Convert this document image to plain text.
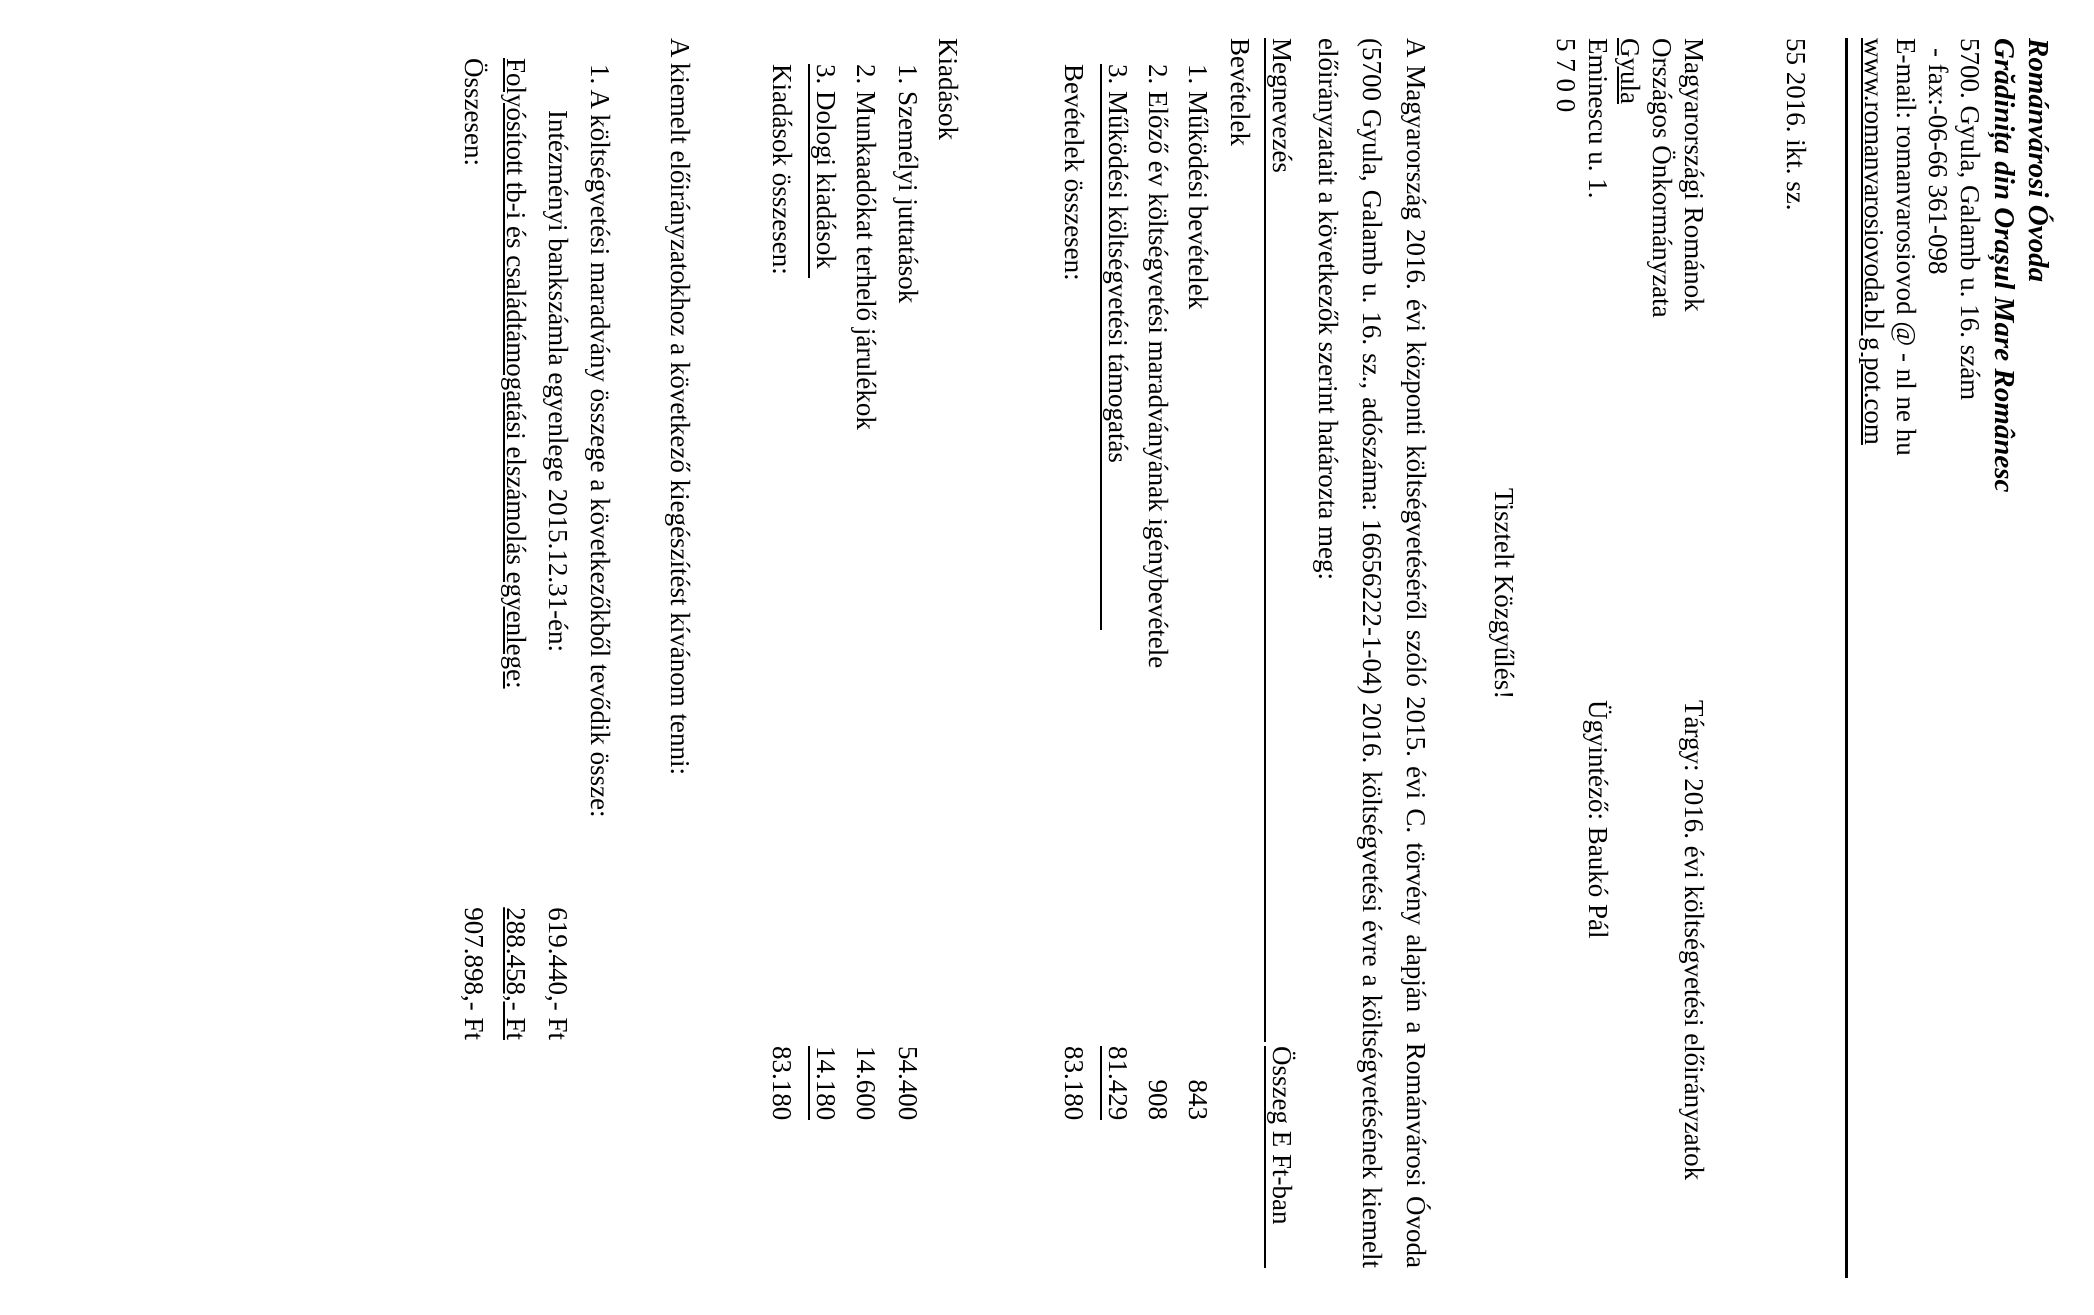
Románvárosi Óvoda
Grădinița din Orașul Mare Românesc
5700. Gyula, Galamb u. 16. szám
- fax:-06-66 361-098
E-mail: romanvarosiovod @ - nl ne hu
www.romanvarosiovoda.bl g pot.com
55 2016. ikt. sz.
Magyarországi Románok
Országos Önkormányzata
Gyula
Eminescu u. 1.
5 7 0 0
Tárgy: 2016. évi költségvetési előirányzatok
Ügyintéző: Baukó Pál
Tisztelt Közgyűlés!
A Magyarország 2016. évi központi költségvetéséről szóló 2015. évi C. törvény alapján a Románvárosi Óvoda (5700 Gyula, Galamb u. 16. sz., adószáma: 16656222-1-04) 2016. költségvetési évre a költségvetésének kiemelt előirányzatait a következők szerint határozta meg:
Megnevezés
Összeg E Ft-ban
Bevételek
1. Működési bevételek
843
2. Előző év költségvetési maradványának igénybevétele
908
3. Működési költségvetési támogatás
81.429
Bevételek összesen:
83.180
Kiadások
1. Személyi juttatások
54.400
2. Munkaadókat terhelő járulékok
14.600
3. Dologi kiadások
14.180
Kiadások összesen:
83.180
A kiemelt előirányzatokhoz a következő kiegészítést kívánom tenni:
1. A költségvetési maradvány összege a következőkből tevődik össze:
Intézményi bankszámla egyenlege 2015.12.31-én:
619.440,- Ft
Folyósított tb-i és családtámogatási elszámolás egyenlege:
288.458,- Ft
Összesen:
907.898,- Ft
